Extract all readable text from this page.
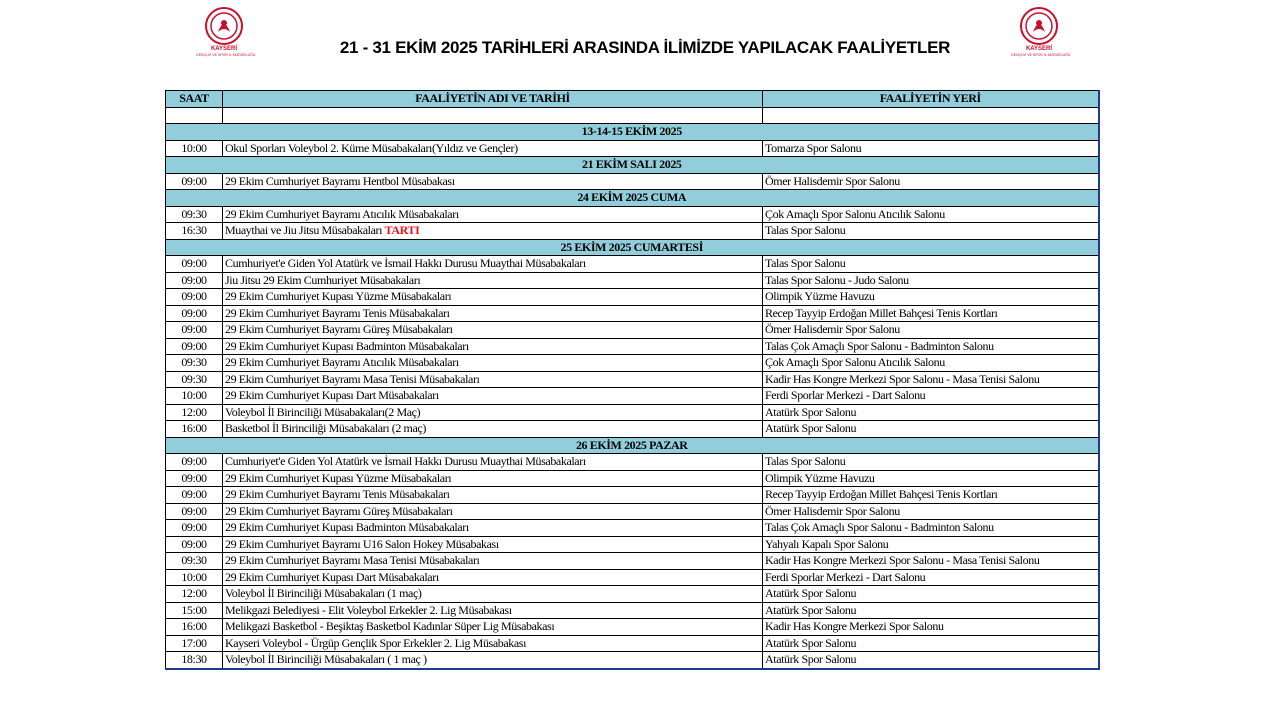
KAYSERİ
GENÇLİK VE SPOR İL MÜDÜRLÜĞÜ
KAYSERİ
GENÇLİK VE SPOR İL MÜDÜRLÜĞÜ
21 - 31 EKİM 2025 TARİHLERİ ARASINDA İLİMİZDE YAPILACAK FAALİYETLER
SAAT	FAALİYETİN ADI VE TARİHİ	FAALİYETİN YERİ

13-14-15 EKİM 2025		
10:00	Okul Sporları Voleybol 2. Küme Müsabakaları(Yıldız ve Gençler)	Tomarza Spor Salonu
21 EKİM SALI 2025		
09:00	29 Ekim Cumhuriyet Bayramı Hentbol Müsabakası	Ömer Halisdemir Spor Salonu
24 EKİM 2025 CUMA		
09:30	29 Ekim Cumhuriyet Bayramı Atıcılık Müsabakaları	Çok Amaçlı Spor Salonu Atıcılık Salonu
16:30	Muaythai ve Jiu Jitsu Müsabakaları TARTI	Talas Spor Salonu
25 EKİM 2025 CUMARTESİ		
09:00	Cumhuriyet'e Giden Yol Atatürk ve İsmail Hakkı Durusu Muaythai Müsabakaları	Talas Spor Salonu
09:00	Jiu Jitsu 29 Ekim Cumhuriyet Müsabakaları	Talas Spor Salonu - Judo Salonu
09:00	29 Ekim Cumhuriyet Kupası Yüzme Müsabakaları	Olimpik Yüzme Havuzu
09:00	29 Ekim Cumhuriyet Bayramı Tenis Müsabakaları	Recep Tayyip Erdoğan Millet Bahçesi Tenis Kortları
09:00	29 Ekim Cumhuriyet Bayramı Güreş Müsabakaları	Ömer Halisdemir Spor Salonu
09:00	29 Ekim Cumhuriyet Kupası Badminton Müsabakaları	Talas Çok Amaçlı Spor Salonu - Badminton Salonu
09:30	29 Ekim Cumhuriyet Bayramı Atıcılık Müsabakaları	Çok Amaçlı Spor Salonu Atıcılık Salonu
09:30	29 Ekim Cumhuriyet Bayramı Masa Tenisi Müsabakaları	Kadir Has Kongre Merkezi Spor Salonu - Masa Tenisi Salonu
10:00	29 Ekim Cumhuriyet Kupası Dart Müsabakaları	Ferdi Sporlar Merkezi - Dart Salonu
12:00	Voleybol İl Birinciliği Müsabakaları(2 Maç)	Atatürk Spor Salonu
16:00	Basketbol İl Birinciliği Müsabakaları (2 maç)	Atatürk Spor Salonu
26 EKİM 2025 PAZAR		
09:00	Cumhuriyet'e Giden Yol Atatürk ve İsmail Hakkı Durusu Muaythai Müsabakaları	Talas Spor Salonu
09:00	29 Ekim Cumhuriyet Kupası Yüzme Müsabakaları	Olimpik Yüzme Havuzu
09:00	29 Ekim Cumhuriyet Bayramı Tenis Müsabakaları	Recep Tayyip Erdoğan Millet Bahçesi Tenis Kortları
09:00	29 Ekim Cumhuriyet Bayramı Güreş Müsabakaları	Ömer Halisdemir Spor Salonu
09:00	29 Ekim Cumhuriyet Kupası Badminton Müsabakaları	Talas Çok Amaçlı Spor Salonu - Badminton Salonu
09:00	29 Ekim Cumhuriyet Bayramı U16 Salon Hokey Müsabakası	Yahyalı Kapalı Spor Salonu
09:30	29 Ekim Cumhuriyet Bayramı Masa Tenisi Müsabakaları	Kadir Has Kongre Merkezi Spor Salonu - Masa Tenisi Salonu
10:00	29 Ekim Cumhuriyet Kupası Dart Müsabakaları	Ferdi Sporlar Merkezi - Dart Salonu
12:00	Voleybol İl Birinciliği Müsabakaları (1 maç)	Atatürk Spor Salonu
15:00	Melikgazi Belediyesi - Elit Voleybol Erkekler 2. Lig Müsabakası	Atatürk Spor Salonu
16:00	Melikgazi Basketbol - Beşiktaş Basketbol Kadınlar Süper Lig Müsabakası	Kadir Has Kongre Merkezi Spor Salonu
17:00	Kayseri Voleybol - Ürgüp Gençlik Spor Erkekler 2. Lig Müsabakası	Atatürk Spor Salonu
18:30	Voleybol İl Birinciliği Müsabakaları ( 1 maç )	Atatürk Spor Salonu
